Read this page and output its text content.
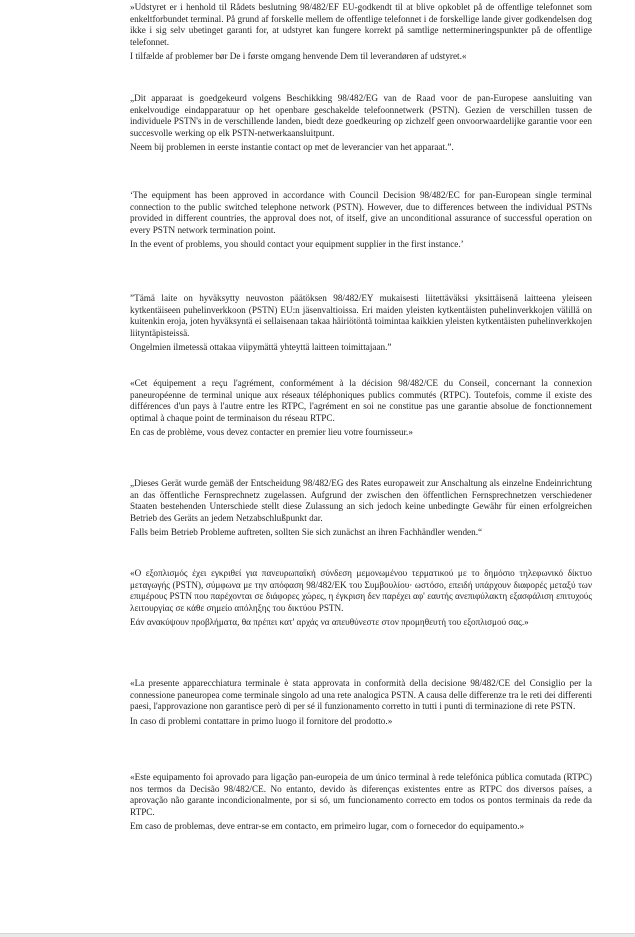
»Udstyret er i henhold til Rådets beslutning 98/482/EF EU-godkendt til at blive opkoblet på de offentlige telefonnet som enkeltforbundet terminal. På grund af forskelle mellem de offentlige telefonnet i de forskellige lande giver godkendelsen dog ikke i sig selv ubetinget garanti for, at udstyret kan fungere korrekt på samtlige nettermineringspunkter på de offentlige telefonnet.

I tilfælde af problemer bør De i første omgang henvende Dem til leverandøren af udstyret.«

„Dit apparaat is goedgekeurd volgens Beschikking 98/482/EG van de Raad voor de pan-Europese aansluiting van enkelvoudige eindapparatuur op het openbare geschakelde telefoonnetwerk (PSTN). Gezien de verschillen tussen de individuele PSTN's in de verschillende landen, biedt deze goedkeuring op zichzelf geen onvoorwaardelijke garantie voor een succesvolle werking op elk PSTN-netwerkaansluitpunt.

Neem bij problemen in eerste instantie contact op met de leverancier van het apparaat.”.

‘The equipment has been approved in accordance with Council Decision 98/482/EC for pan-European single terminal connection to the public switched telephone network (PSTN). However, due to differences between the individual PSTNs provided in different countries, the approval does not, of itself, give an unconditional assurance of successful operation on every PSTN network termination point.

In the event of problems, you should contact your equipment supplier in the first instance.’

”Tämä laite on hyväksytty neuvoston päätöksen 98/482/EY mukaisesti liitettäväksi yksittäisenä laitteena yleiseen kytkentäiseen puhelinverkkoon (PSTN) EU:n jäsenvaltioissa. Eri maiden yleisten kytkentäisten puhelinverkkojen välillä on kuitenkin eroja, joten hyväksyntä ei sellaisenaan takaa häiriötöntä toimintaa kaikkien yleisten kytkentäisten puhelinverkkojen liityntäpisteissä.

Ongelmien ilmetessä ottakaa viipymättä yhteyttä laitteen toimittajaan.”

«Cet équipement a reçu l'agrément, conformément à la décision 98/482/CE du Conseil, concernant la connexion paneuropéenne de terminal unique aux réseaux téléphoniques publics commutés (RTPC). Toutefois, comme il existe des différences d'un pays à l'autre entre les RTPC, l'agrément en soi ne constitue pas une garantie absolue de fonctionnement optimal à chaque point de terminaison du réseau RTPC.

En cas de problème, vous devez contacter en premier lieu votre fournisseur.»

„Dieses Gerät wurde gemäß der Entscheidung 98/482/EG des Rates europaweit zur Anschaltung als einzelne Endeinrichtung an das öffentliche Fernsprechnetz zugelassen. Aufgrund der zwischen den öffentlichen Fernsprechnetzen verschiedener Staaten bestehenden Unterschiede stellt diese Zulassung an sich jedoch keine unbedingte Gewähr für einen erfolgreichen Betrieb des Geräts an jedem Netzabschlußpunkt dar.

Falls beim Betrieb Probleme auftreten, sollten Sie sich zunächst an ihren Fachhändler wenden.“

«Ο εξοπλισμός έχει εγκριθεί για πανευρωπαϊκή σύνδεση μεμονωμένου τερματικού με το δημόσιο τηλεφωνικό δίκτυο μεταγωγής (PSTN), σύμφωνα με την απόφαση 98/482/ΕΚ του Συμβουλίου· ωστόσο, επειδή υπάρχουν διαφορές μεταξύ των επιμέρους PSTN που παρέχονται σε διάφορες χώρες, η έγκριση δεν παρέχει αφ' εαυτής ανεπιφύλακτη εξασφάλιση επιτυχούς λειτουργίας σε κάθε σημείο απόληξης του δικτύου PSTN.

Εάν ανακύψουν προβλήματα, θα πρέπει κατ' αρχάς να απευθύνεστε στον προμηθευτή του εξοπλισμού σας.»

«La presente apparecchiatura terminale è stata approvata in conformità della decisione 98/482/CE del Consiglio per la connessione paneuropea come terminale singolo ad una rete analogica PSTN. A causa delle differenze tra le reti dei differenti paesi, l'approvazione non garantisce però di per sé il funzionamento corretto in tutti i punti di terminazione di rete PSTN.

In caso di problemi contattare in primo luogo il fornitore del prodotto.»

«Este equipamento foi aprovado para ligação pan-europeia de um único terminal à rede telefónica pública comutada (RTPC) nos termos da Decisão 98/482/CE. No entanto, devido às diferenças existentes entre as RTPC dos diversos países, a aprovação não garante incondicionalmente, por si só, um funcionamento correcto em todos os pontos terminais da rede da RTPC.

Em caso de problemas, deve entrar-se em contacto, em primeiro lugar, com o fornecedor do equipamento.»
